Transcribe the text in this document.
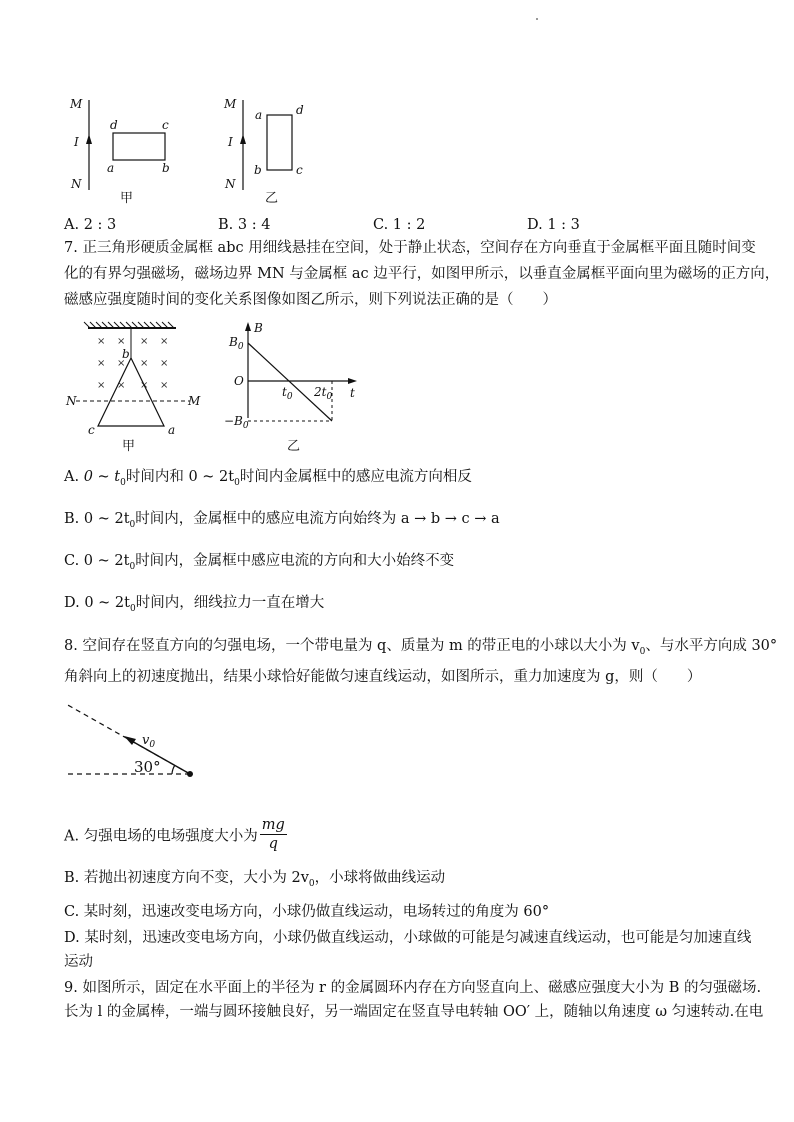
M
I
N
d	c
a	b
甲
M
I
N
a	d
b	c
乙
A. 2 : 3	B. 3 : 4	C. 1 : 2	D. 1 : 3
7. 正三角形硬质金属框 abc 用细线悬挂在空间，处于静止状态，空间存在方向垂直于金属框平面且随时间变
化的有界匀强磁场，磁场边界 MN 与金属框 ac 边平行，如图甲所示，以垂直金属框平面向里为磁场的正方向，
磁感应强度随时间的变化关系图像如图乙所示，则下列说法正确的是（　　）
× × × ×
× × × ×
× × × ×
b
N	M
c	a
甲
B
$B_0$
O
$t_0$ $2t_0$ t
$-B_0$
乙
A. 0 ~ $t_0$时间内和 0 ~ $2t_0$时间内金属框中的感应电流方向相反
B. 0 ~ $2t_0$时间内，金属框中的感应电流方向始终为 a → b → c → a
C. 0 ~ $2t_0$时间内，金属框中感应电流的方向和大小始终不变
D. 0 ~ $2t_0$时间内，细线拉力一直在增大
8. 空间存在竖直方向的匀强电场，一个带电量为 q、质量为 m 的带正电的小球以大小为 $v_0$、与水平方向成 30°
角斜向上的初速度抛出，结果小球恰好能做匀速直线运动，如图所示，重力加速度为 g，则（　　）
$v_0$
30°
A. 匀强电场的电场强度大小为 $\frac{mg}{q}$
B. 若抛出初速度方向不变，大小为 $2v_0$，小球将做曲线运动
C. 某时刻，迅速改变电场方向，小球仍做直线运动，电场转过的角度为 60°
D. 某时刻，迅速改变电场方向，小球仍做直线运动，小球做的可能是匀减速直线运动，也可能是匀加速直线
运动
9. 如图所示，固定在水平面上的半径为 r 的金属圆环内存在方向竖直向上、磁感应强度大小为 B 的匀强磁场.
长为 l 的金属棒，一端与圆环接触良好，另一端固定在竖直导电转轴 OO′ 上，随轴以角速度 ω 匀速转动.在电
